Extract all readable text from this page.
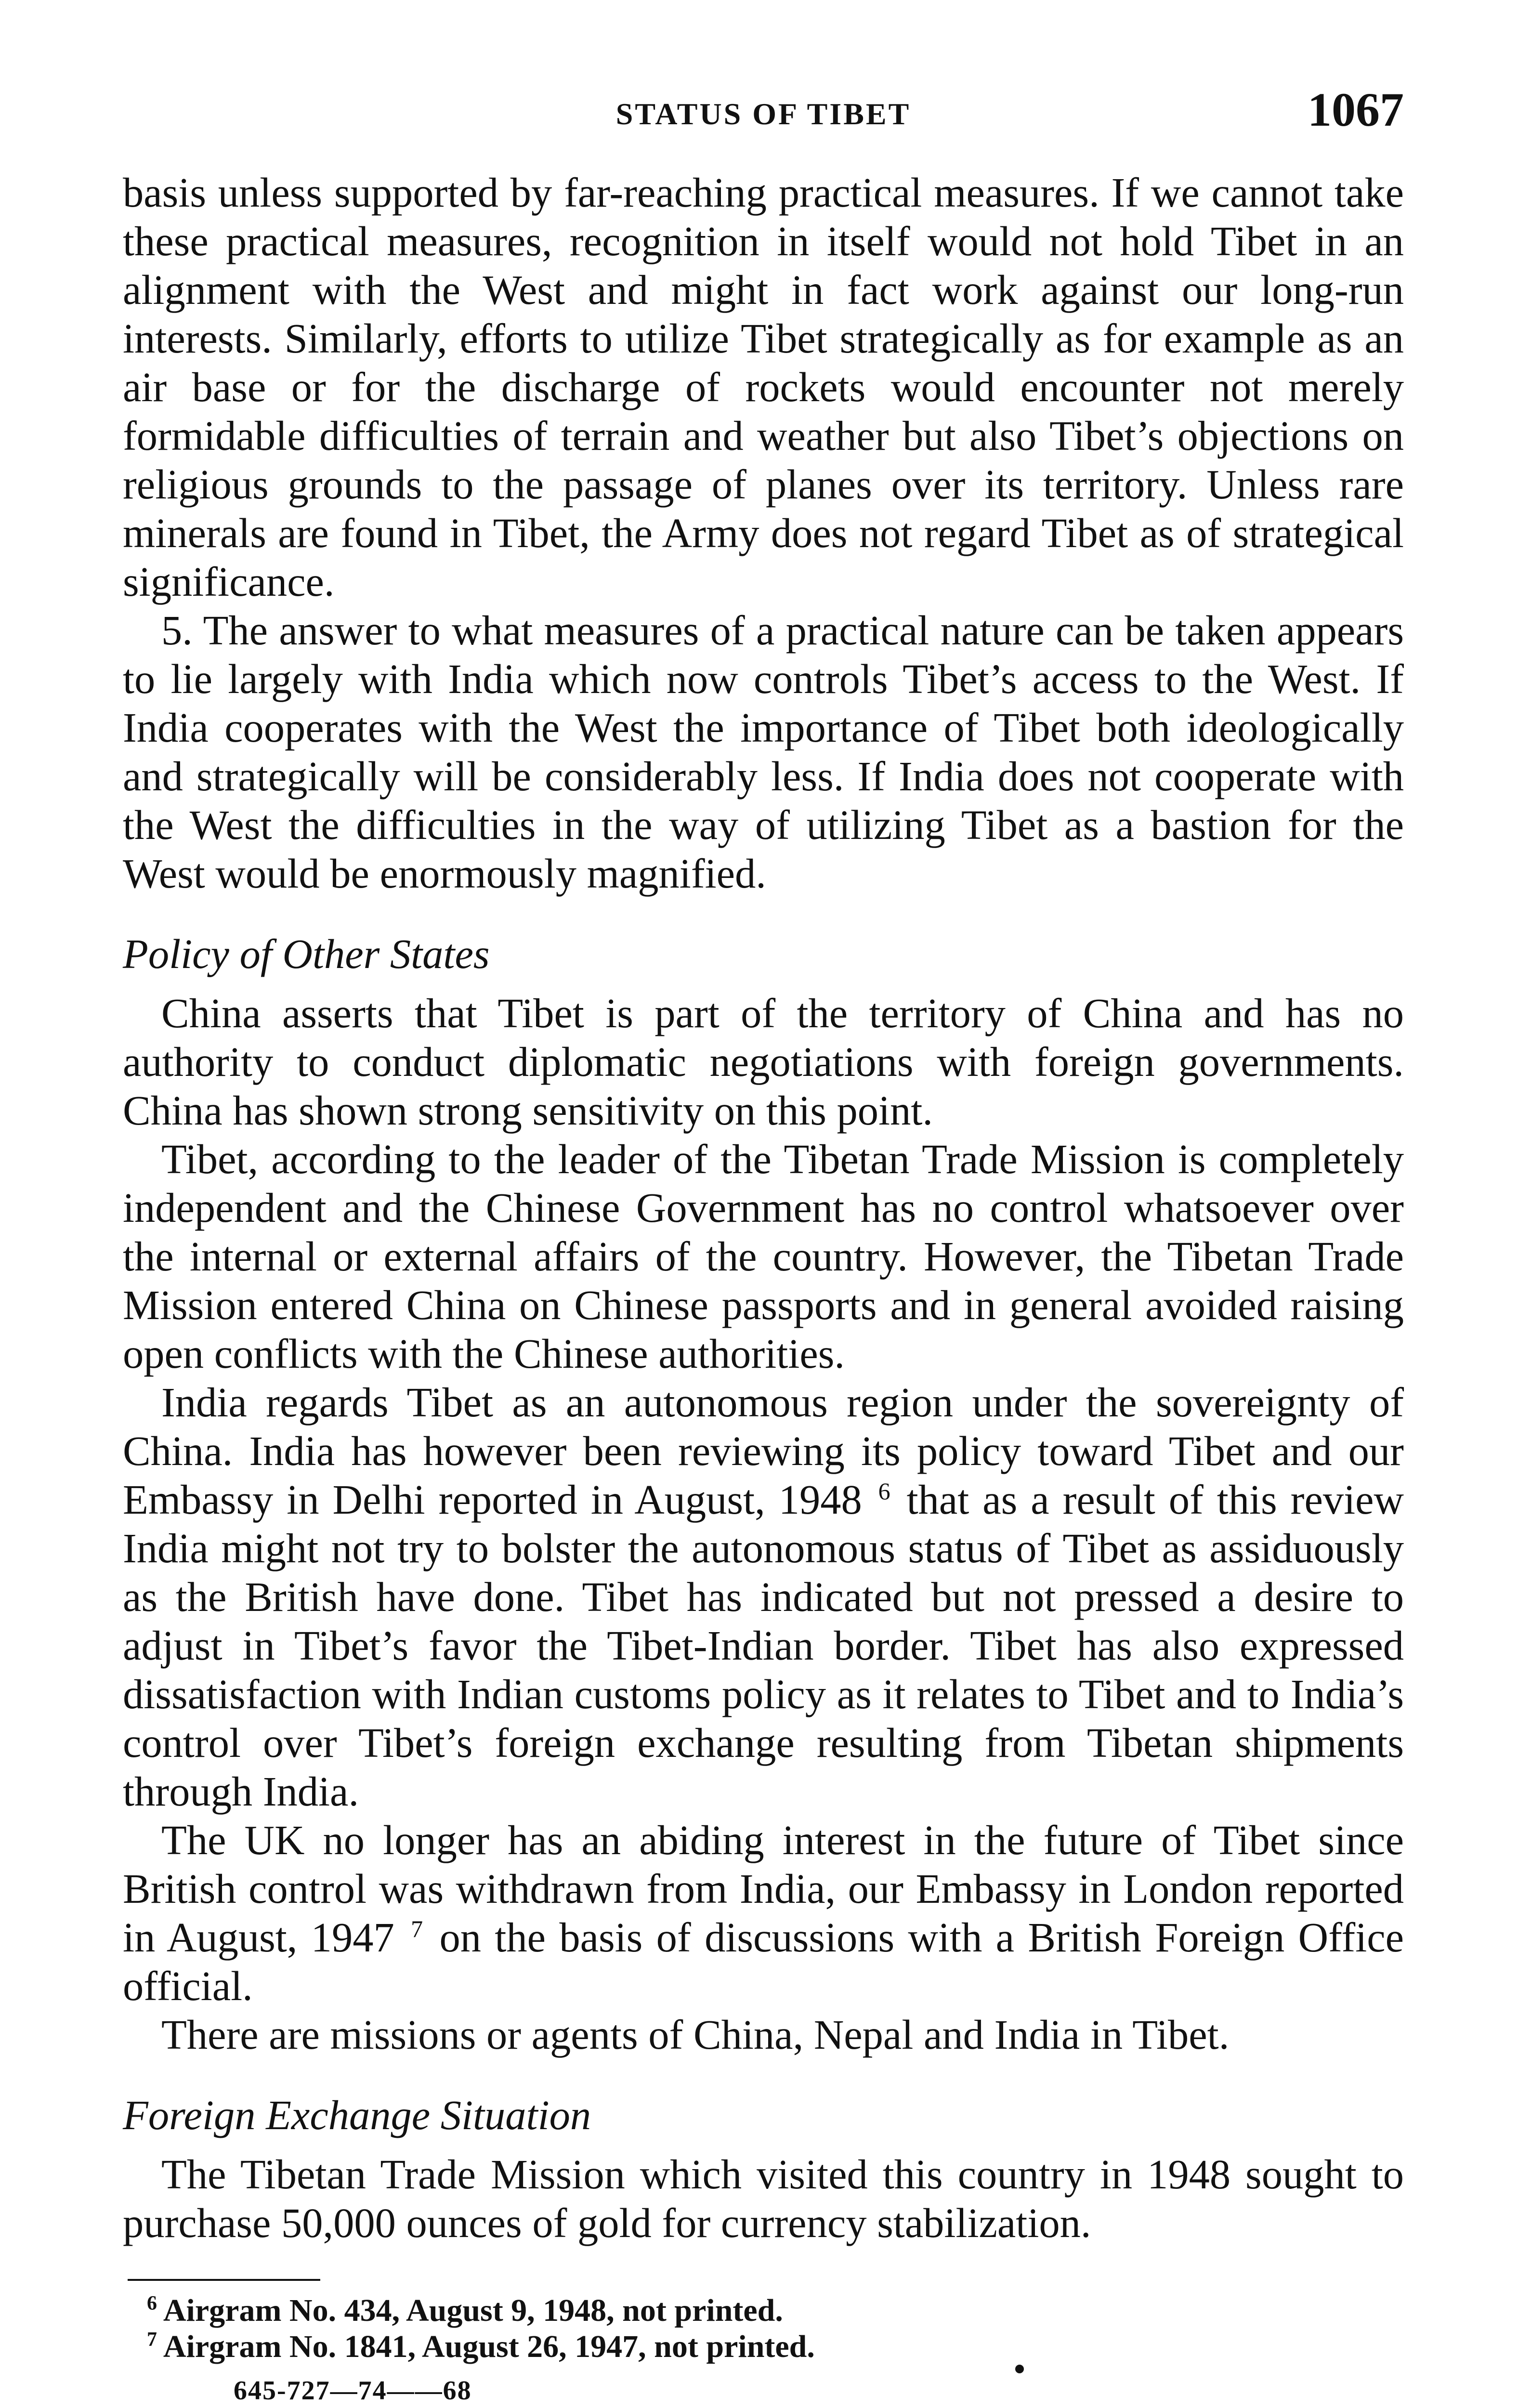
STATUS OF TIBET	1067

basis unless supported by far-reaching practical measures. If we cannot take these practical measures, recognition in itself would not hold Tibet in an alignment with the West and might in fact work against our long-run interests. Similarly, efforts to utilize Tibet strategically as for example as an air base or for the discharge of rockets would encounter not merely formidable difficulties of terrain and weather but also Tibet’s objections on religious grounds to the passage of planes over its territory. Unless rare minerals are found in Tibet, the Army does not regard Tibet as of strategical significance.

5. The answer to what measures of a practical nature can be taken appears to lie largely with India which now controls Tibet’s access to the West. If India cooperates with the West the importance of Tibet both ideologically and strategically will be considerably less. If India does not cooperate with the West the difficulties in the way of utilizing Tibet as a bastion for the West would be enormously magnified.

Policy of Other States

China asserts that Tibet is part of the territory of China and has no authority to conduct diplomatic negotiations with foreign governments. China has shown strong sensitivity on this point.

Tibet, according to the leader of the Tibetan Trade Mission is completely independent and the Chinese Government has no control whatsoever over the internal or external affairs of the country. However, the Tibetan Trade Mission entered China on Chinese passports and in general avoided raising open conflicts with the Chinese authorities.

India regards Tibet as an autonomous region under the sovereignty of China. India has however been reviewing its policy toward Tibet and our Embassy in Delhi reported in August, 1948 $^6$ that as a result of this review India might not try to bolster the autonomous status of Tibet as assiduously as the British have done. Tibet has indicated but not pressed a desire to adjust in Tibet’s favor the Tibet-Indian border. Tibet has also expressed dissatisfaction with Indian customs policy as it relates to Tibet and to India’s control over Tibet’s foreign exchange resulting from Tibetan shipments through India.

The UK no longer has an abiding interest in the future of Tibet since British control was withdrawn from India, our Embassy in London reported in August, 1947 $^7$ on the basis of discussions with a British Foreign Office official.

There are missions or agents of China, Nepal and India in Tibet.

Foreign Exchange Situation

The Tibetan Trade Mission which visited this country in 1948 sought to purchase 50,000 ounces of gold for currency stabilization.

$^6$ Airgram No. 434, August 9, 1948, not printed.

$^7$ Airgram No. 1841, August 26, 1947, not printed.

645-727—74——68
